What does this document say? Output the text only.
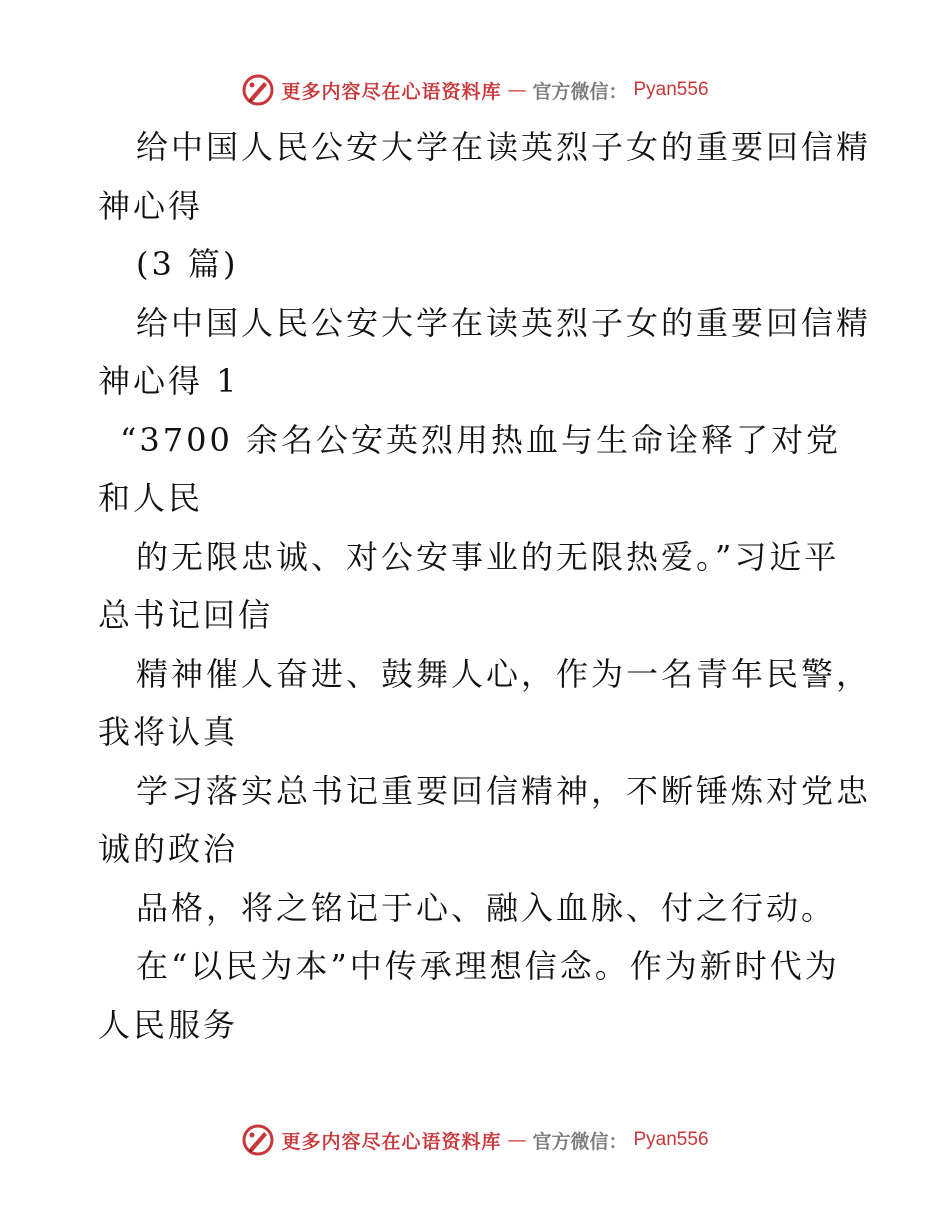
更多内容尽在心语资料库 — 官方微信： Pyan556
给中国人民公安大学在读英烈子女的重要回信精
神心得
(3 篇)
给中国人民公安大学在读英烈子女的重要回信精
神心得 1
“3700 余名公安英烈用热血与生命诠释了对党
和人民
的无限忠诚、对公安事业的无限热爱。”习近平
总书记回信
精神催人奋进、鼓舞人心，作为一名青年民警，
我将认真
学习落实总书记重要回信精神，不断锤炼对党忠
诚的政治
品格，将之铭记于心、融入血脉、付之行动。
在“以民为本”中传承理想信念。作为新时代为
人民服务
更多内容尽在心语资料库 — 官方微信： Pyan556
